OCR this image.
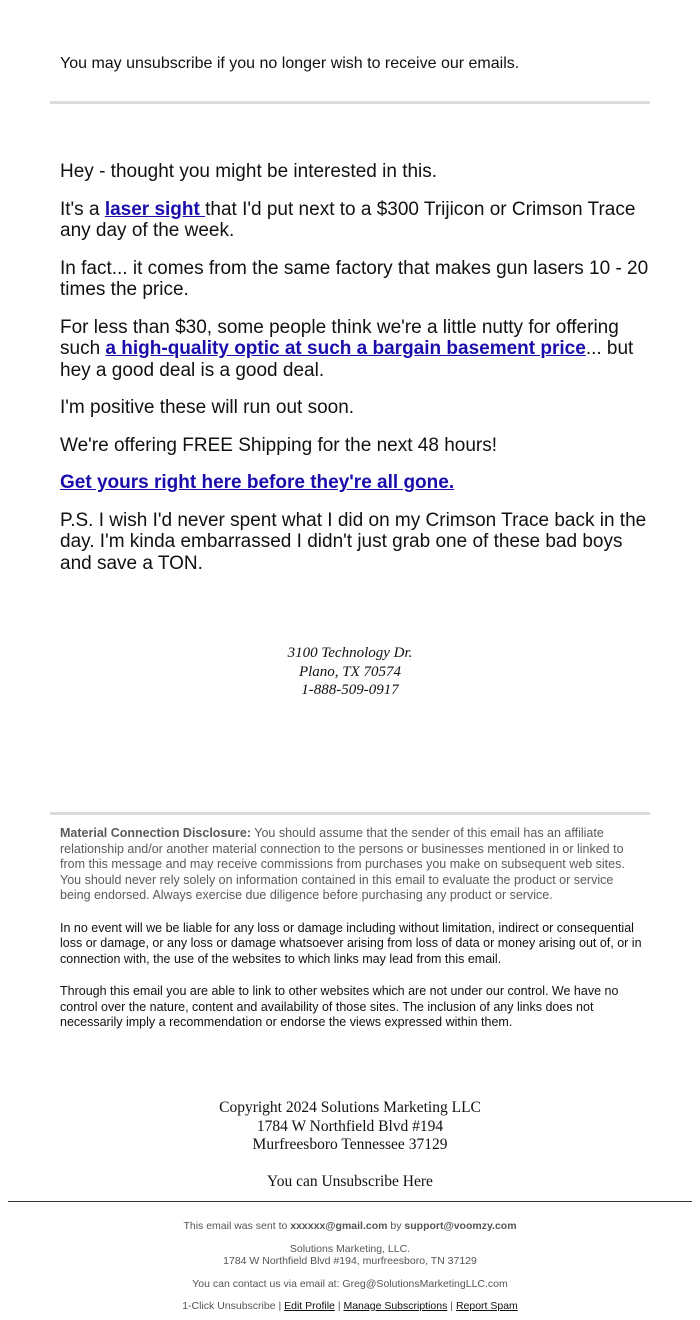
You may unsubscribe if you no longer wish to receive our emails.

Hey - thought you might be interested in this.

It's a laser sight that I'd put next to a $300 Trijicon or Crimson Trace any day of the week.

In fact... it comes from the same factory that makes gun lasers 10 - 20 times the price.

For less than $30, some people think we're a little nutty for offering such a high-quality optic at such a bargain basement price... but hey a good deal is a good deal.

I'm positive these will run out soon.

We're offering FREE Shipping for the next 48 hours!

Get yours right here before they're all gone.

P.S. I wish I'd never spent what I did on my Crimson Trace back in the day. I'm kinda embarrassed I didn't just grab one of these bad boys and save a TON.

3100 Technology Dr.
Plano, TX 70574
1-888-509-0917

Material Connection Disclosure: You should assume that the sender of this email has an affiliate relationship and/or another material connection to the persons or businesses mentioned in or linked to from this message and may receive commissions from purchases you make on subsequent web sites. You should never rely solely on information contained in this email to evaluate the product or service being endorsed. Always exercise due diligence before purchasing any product or service.

In no event will we be liable for any loss or damage including without limitation, indirect or consequential loss or damage, or any loss or damage whatsoever arising from loss of data or money arising out of, or in connection with, the use of the websites to which links may lead from this email.

Through this email you are able to link to other websites which are not under our control. We have no control over the nature, content and availability of those sites. The inclusion of any links does not necessarily imply a recommendation or endorse the views expressed within them.

Copyright 2024 Solutions Marketing LLC
1784 W Northfield Blvd #194
Murfreesboro Tennessee 37129
You can Unsubscribe Here

This email was sent to xxxxxx@gmail.com by support@voomzy.com

Solutions Marketing, LLC.

1784 W Northfield Blvd #194, murfreesboro, TN 37129

You can contact us via email at: Greg@SolutionsMarketingLLC.com

1-Click Unsubscribe | Edit Profile | Manage Subscriptions | Report Spam
